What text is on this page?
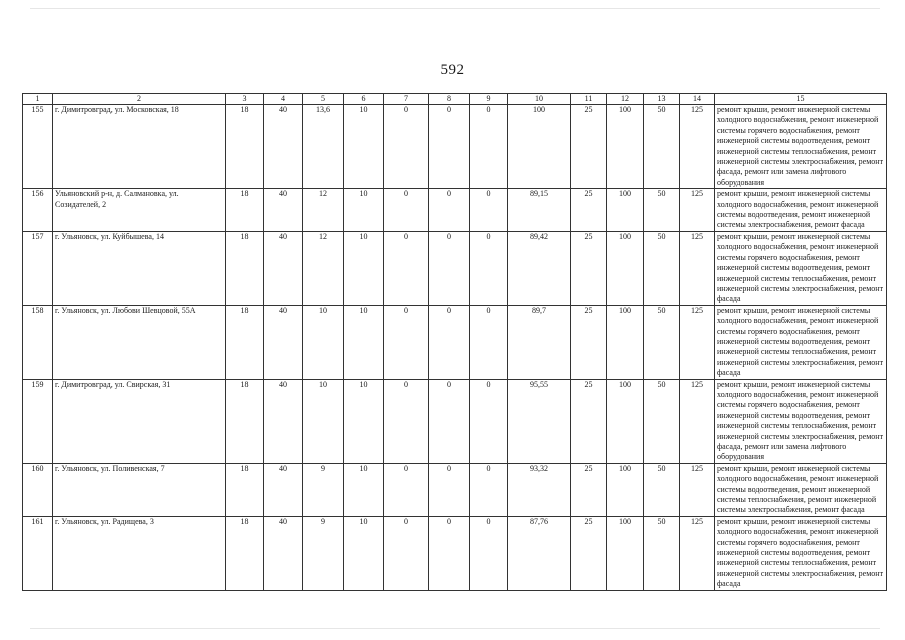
592
1	2	3	4	5	6	7	8	9	10	11	12	13	14	15
155	г. Димитровград, ул. Московская, 18	18	40	13,6	10	0	0	0	100	25	100	50	125	ремонт крыши, ремонт инженерной системы холодного водоснабжения, ремонт инженерной системы горячего водоснабжения, ремонт инженерной системы водоотведения, ремонт инженерной системы теплоснабжения, ремонт инженерной системы электроснабжения, ремонт фасада, ремонт или замена лифтового оборудования
156	Ульяновский р-н, д. Салмановка, ул. Созидателей, 2	18	40	12	10	0	0	0	89,15	25	100	50	125	ремонт крыши, ремонт инженерной системы холодного водоснабжения, ремонт инженерной системы водоотведения, ремонт инженерной системы электроснабжения, ремонт фасада
157	г. Ульяновск, ул. Куйбышева, 14	18	40	12	10	0	0	0	89,42	25	100	50	125	ремонт крыши, ремонт инженерной системы холодного водоснабжения, ремонт инженерной системы горячего водоснабжения, ремонт инженерной системы водоотведения, ремонт инженерной системы теплоснабжения, ремонт инженерной системы электроснабжения, ремонт фасада
158	г. Ульяновск, ул. Любови Шевцовой, 55А	18	40	10	10	0	0	0	89,7	25	100	50	125	ремонт крыши, ремонт инженерной системы холодного водоснабжения, ремонт инженерной системы горячего водоснабжения, ремонт инженерной системы водоотведения, ремонт инженерной системы теплоснабжения, ремонт инженерной системы электроснабжения, ремонт фасада
159	г. Димитровград, ул. Свирская, 31	18	40	10	10	0	0	0	95,55	25	100	50	125	ремонт крыши, ремонт инженерной системы холодного водоснабжения, ремонт инженерной системы горячего водоснабжения, ремонт инженерной системы водоотведения, ремонт инженерной системы теплоснабжения, ремонт инженерной системы электроснабжения, ремонт фасада, ремонт или замена лифтового оборудования
160	г. Ульяновск, ул. Поливенская, 7	18	40	9	10	0	0	0	93,32	25	100	50	125	ремонт крыши, ремонт инженерной системы холодного водоснабжения, ремонт инженерной системы водоотведения, ремонт инженерной системы теплоснабжения, ремонт инженерной системы электроснабжения, ремонт фасада
161	г. Ульяновск, ул. Радищева, 3	18	40	9	10	0	0	0	87,76	25	100	50	125	ремонт крыши, ремонт инженерной системы холодного водоснабжения, ремонт инженерной системы горячего водоснабжения, ремонт инженерной системы водоотведения, ремонт инженерной системы теплоснабжения, ремонт инженерной системы электроснабжения, ремонт фасада
